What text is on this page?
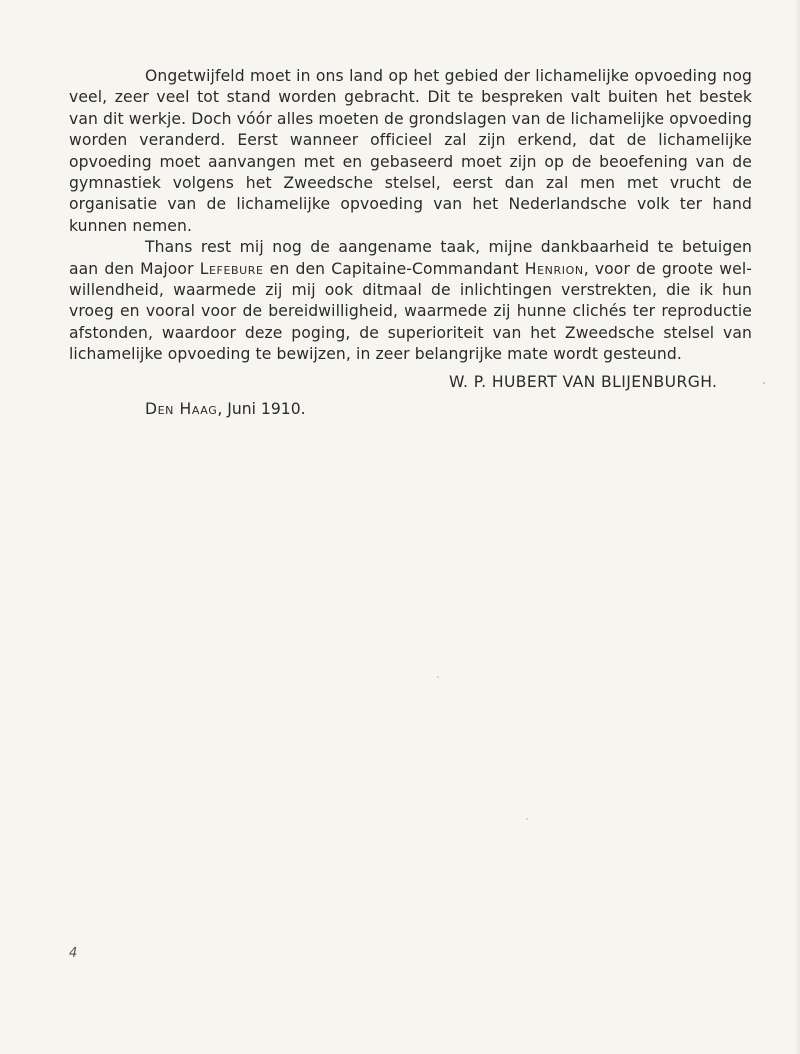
Ongetwijfeld moet in ons land op het gebied der lichamelijke opvoeding nog veel, zeer veel tot stand worden gebracht. Dit te bespreken valt buiten het bestek van dit werkje. Doch vóór alles moeten de grondslagen van de lichamelijke opvoeding worden veranderd. Eerst wanneer officieel zal zijn erkend, dat de lichamelijke opvoeding moet aanvangen met en gebaseerd moet zijn op de beoefening van de gymnastiek volgens het Zweedsche stelsel, eerst dan zal men met vrucht de organisatie van de lichamelijke opvoeding van het Nederlandsche volk ter hand kunnen nemen.

Thans rest mij nog de aangename taak, mijne dankbaarheid te betuigen aan den Majoor Lefebure en den Capitaine-Commandant Henrion, voor de groote wel-willendheid, waarmede zij mij ook ditmaal de inlichtingen verstrekten, die ik hun vroeg en vooral voor de bereidwilligheid, waarmede zij hunne clichés ter reproductie afstonden, waardoor deze poging, de superioriteit van het Zweedsche stelsel van lichamelijke opvoeding te bewijzen, in zeer belangrijke mate wordt gesteund.

W. P. HUBERT VAN BLIJENBURGH.
Den Haag, Juni 1910.
4
